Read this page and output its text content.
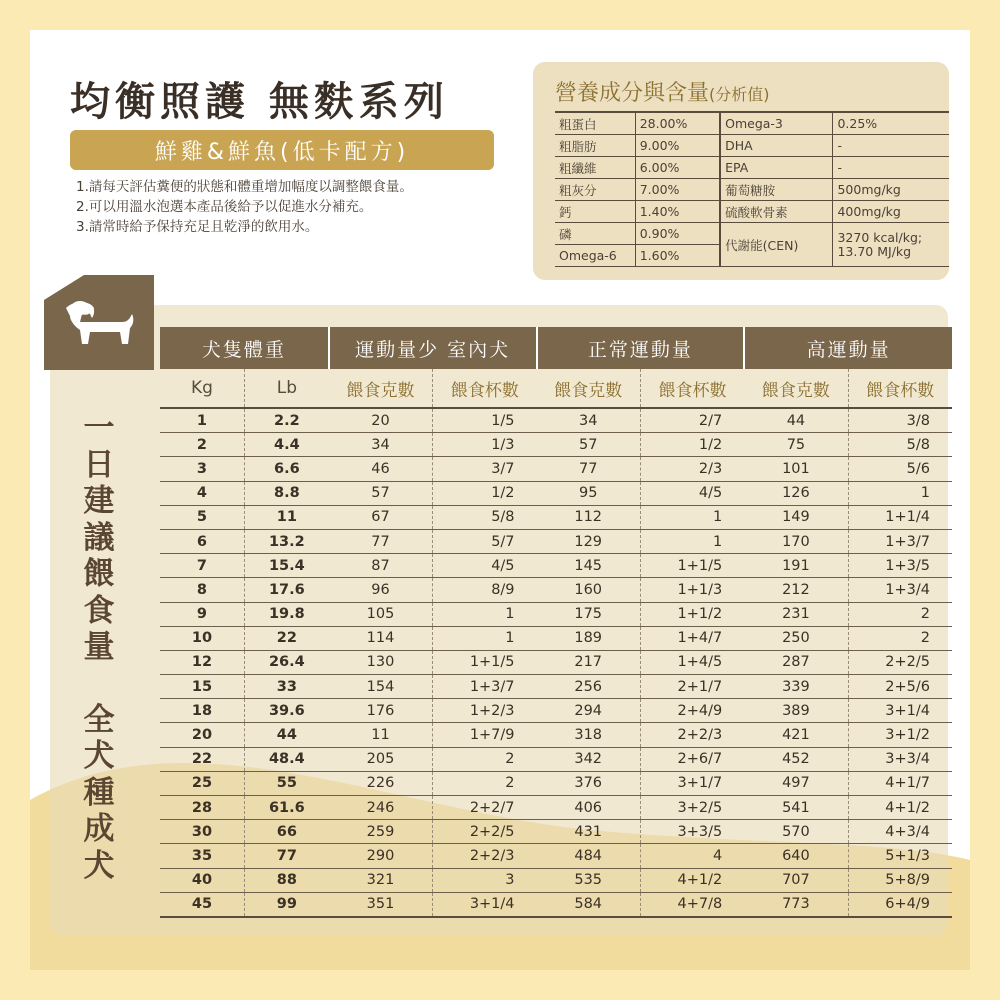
均衡照護 無麩系列
鮮雞&鮮魚(低卡配方)
1.請每天評估糞便的狀態和體重增加幅度以調整餵食量。
2.可以用溫水泡選本產品後給予以促進水分補充。
3.請常時給予保持充足且乾淨的飲用水。
營養成分與含量(分析值)
粗蛋白	28.00%	Omega-3	0.25%
粗脂肪	9.00%	DHA	-
粗纖維	6.00%	EPA	-
粗灰分	7.00%	葡萄糖胺	500mg/kg
鈣	1.40%	硫酸軟骨素	400mg/kg
磷	0.90%	代謝能(CEN)	3270 kcal/kg;
13.70 MJ/kg

Omega-6	1.60%		
一
日
建
議
餵
食
量
全
犬
種
成
犬
犬隻體重		運動量少 室內犬		正常運動量		高運動量	
Kg	Lb	餵食克數	餵食杯數	餵食克數	餵食杯數	餵食克數	餵食杯數
1	2.2	20	1/5	34	2/7	44	3/8
2	4.4	34	1/3	57	1/2	75	5/8
3	6.6	46	3/7	77	2/3	101	5/6
4	8.8	57	1/2	95	4/5	126	1
5	11	67	5/8	112	1	149	1+1/4
6	13.2	77	5/7	129	1	170	1+3/7
7	15.4	87	4/5	145	1+1/5	191	1+3/5
8	17.6	96	8/9	160	1+1/3	212	1+3/4
9	19.8	105	1	175	1+1/2	231	2
10	22	114	1	189	1+4/7	250	2
12	26.4	130	1+1/5	217	1+4/5	287	2+2/5
15	33	154	1+3/7	256	2+1/7	339	2+5/6
18	39.6	176	1+2/3	294	2+4/9	389	3+1/4
20	44	11	1+7/9	318	2+2/3	421	3+1/2
22	48.4	205	2	342	2+6/7	452	3+3/4
25	55	226	2	376	3+1/7	497	4+1/7
28	61.6	246	2+2/7	406	3+2/5	541	4+1/2
30	66	259	2+2/5	431	3+3/5	570	4+3/4
35	77	290	2+2/3	484	4	640	5+1/3
40	88	321	3	535	4+1/2	707	5+8/9
45	99	351	3+1/4	584	4+7/8	773	6+4/9
